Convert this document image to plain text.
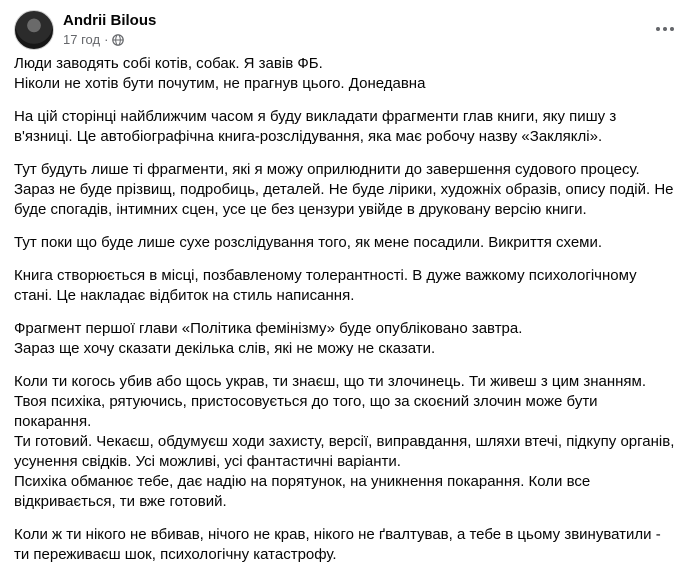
Andrii Bilous
17 год ·
Люди заводять собі котів, собак. Я завів ФБ.
Ніколи не хотів бути почутим, не прагнув цього. Донедавна
На цій сторінці найближчим часом я буду викладати фрагменти глав книги, яку пишу з
в'язниці. Це автобіографічна книга-розслідування, яка має робочу назву «Закляклі».
Тут будуть лише ті фрагменти, які я можу оприлюднити до завершення судового процесу.
Зараз не буде прізвищ, подробиць, деталей. Не буде лірики, художніх образів, опису подій. Не
буде спогадів, інтимних сцен, усе це без цензури увійде в друковану версію книги.
Тут поки що буде лише сухе розслідування того, як мене посадили. Викриття схеми.
Книга створюється в місці, позбавленому толерантності. В дуже важкому психологічному
стані. Це накладає відбиток на стиль написання.
Фрагмент першої глави «Політика фемінізму» буде опубліковано завтра.
Зараз ще хочу сказати декілька слів, які не можу не сказати.
Коли ти когось убив або щось украв, ти знаєш, що ти злочинець. Ти живеш з цим знанням.
Твоя психіка, рятуючись, пристосовується до того, що за скоєний злочин може бути
покарання.
Ти готовий. Чекаєш, обдумуєш ходи захисту, версії, виправдання, шляхи втечі, підкупу органів,
усунення свідків. Усі можливі, усі фантастичні варіанти.
Психіка обманює тебе, дає надію на порятунок, на уникнення покарання. Коли все
відкривається, ти вже готовий.
Коли ж ти нікого не вбивав, нічого не крав, нікого не ґвалтував, а тебе в цьому звинуватили -
ти переживаєш шок, психологічну катастрофу.
